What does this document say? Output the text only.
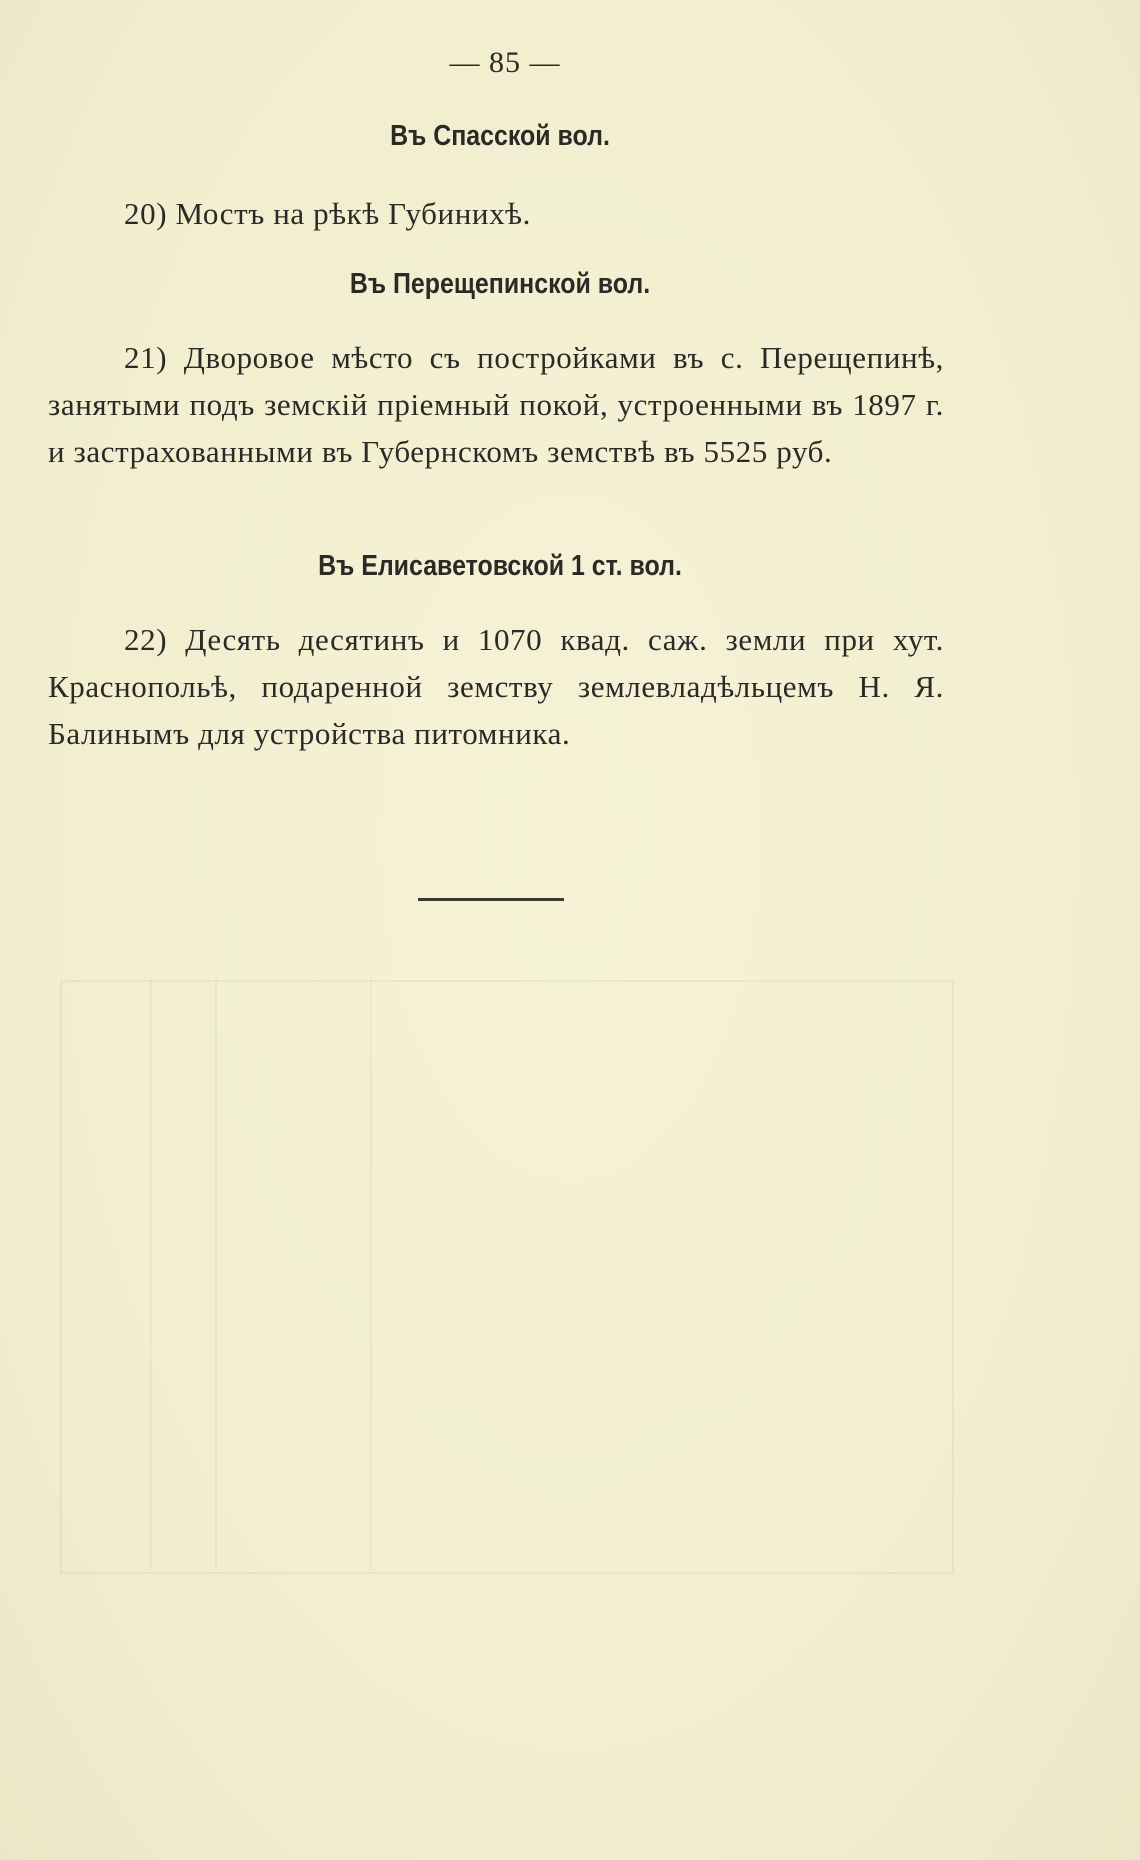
— 85 —
Въ Спасской вол.
20) Мостъ на рѣкѣ Губинихѣ.
Въ Перещепинской вол.
21) Дворовое мѣсто съ постройками въ с. Перещепинѣ, занятыми подъ земскій пріемный покой, устроенными въ 1897 г. и застрахованными въ Губернскомъ земствѣ въ 5525 руб.
Въ Елисаветовской 1 ст. вол.
22) Десять десятинъ и 1070 квад. саж. земли при хут. Краснопольѣ, подаренной земству землевладѣльцемъ Н. Я. Балинымъ для устройства питомника.
